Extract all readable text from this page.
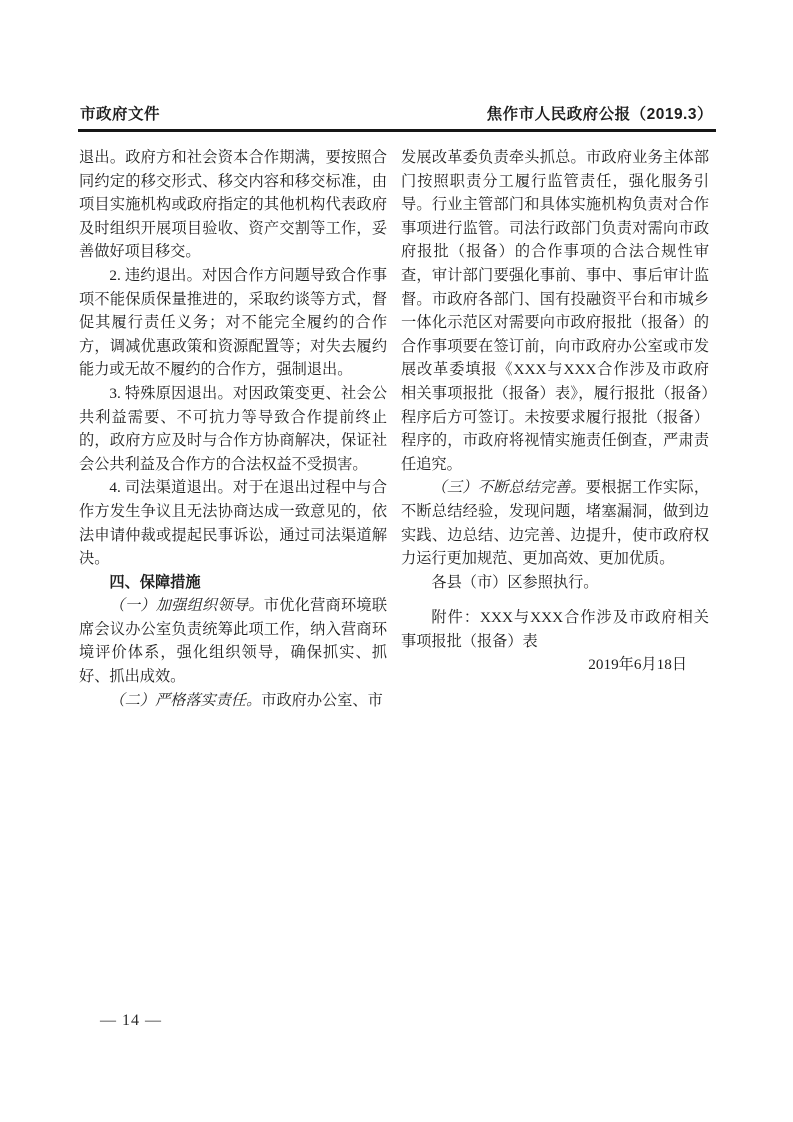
市政府文件	焦作市人民政府公报（2019.3）

退出。政府方和社会资本合作期满，要按照合同约定的移交形式、移交内容和移交标准，由项目实施机构或政府指定的其他机构代表政府及时组织开展项目验收、资产交割等工作，妥善做好项目移交。

2. 违约退出。对因合作方问题导致合作事项不能保质保量推进的，采取约谈等方式，督促其履行责任义务；对不能完全履约的合作方，调减优惠政策和资源配置等；对失去履约能力或无故不履约的合作方，强制退出。

3. 特殊原因退出。对因政策变更、社会公共利益需要、不可抗力等导致合作提前终止的，政府方应及时与合作方协商解决，保证社会公共利益及合作方的合法权益不受损害。

4. 司法渠道退出。对于在退出过程中与合作方发生争议且无法协商达成一致意见的，依法申请仲裁或提起民事诉讼，通过司法渠道解决。

四、保障措施

（一）加强组织领导。市优化营商环境联席会议办公室负责统筹此项工作，纳入营商环境评价体系，强化组织领导，确保抓实、抓好、抓出成效。

（二）严格落实责任。市政府办公室、市

发展改革委负责牵头抓总。市政府业务主体部门按照职责分工履行监管责任，强化服务引导。行业主管部门和具体实施机构负责对合作事项进行监管。司法行政部门负责对需向市政府报批（报备）的合作事项的合法合规性审查，审计部门要强化事前、事中、事后审计监督。市政府各部门、国有投融资平台和市城乡一体化示范区对需要向市政府报批（报备）的合作事项要在签订前，向市政府办公室或市发展改革委填报《XXX与XXX合作涉及市政府相关事项报批（报备）表》，履行报批（报备）程序后方可签订。未按要求履行报批（报备）程序的，市政府将视情实施责任倒查，严肃责任追究。

（三）不断总结完善。要根据工作实际，不断总结经验，发现问题，堵塞漏洞，做到边实践、边总结、边完善、边提升，使市政府权力运行更加规范、更加高效、更加优质。

各县（市）区参照执行。

附件：XXX与XXX合作涉及市政府相关事项报批（报备）表

2019年6月18日

— 14 —
